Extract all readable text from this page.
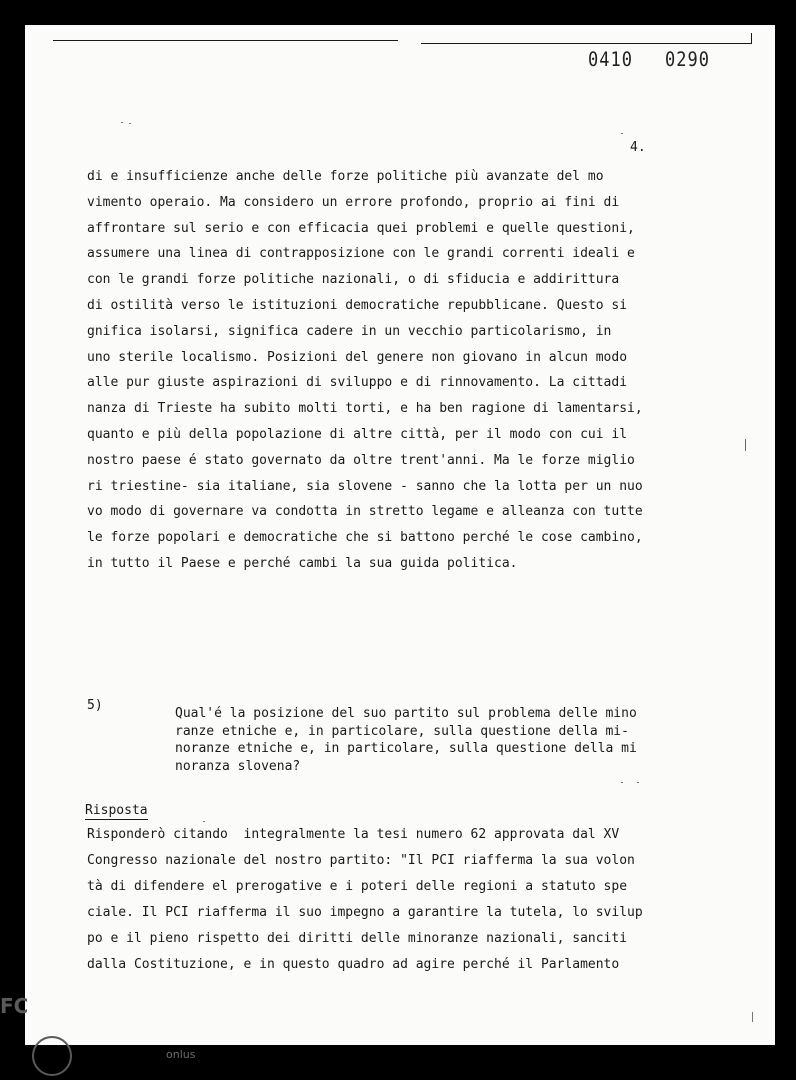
0410 0290
4.
di e insufficienze anche delle forze politiche più avanzate del mo
vimento operaio. Ma considero un errore profondo, proprio ai fini di
affrontare sul serio e con efficacia quei problemi e quelle questioni,
assumere una linea di contrapposizione con le grandi correnti ideali e
con le grandi forze politiche nazionali, o di sfiducia e addirittura
di ostilità verso le istituzioni democratiche repubblicane. Questo si
gnifica isolarsi, significa cadere in un vecchio particolarismo, in
uno sterile localismo. Posizioni del genere non giovano in alcun modo
alle pur giuste aspirazioni di sviluppo e di rinnovamento. La cittadi
nanza di Trieste ha subito molti torti, e ha ben ragione di lamentarsi,
quanto e più della popolazione di altre città, per il modo con cui il
nostro paese é stato governato da oltre trent'anni. Ma le forze miglio
ri triestine- sia italiane, sia slovene - sanno che la lotta per un nuo
vo modo di governare va condotta in stretto legame e alleanza con tutte
le forze popolari e democratiche che si battono perché le cose cambino,
in tutto il Paese e perché cambi la sua guida politica.
5)
Qual'é la posizione del suo partito sul problema delle mino
ranze etniche e, in particolare, sulla questione della mi-
noranze etniche e, in particolare, sulla questione della mi
noranza slovena?
Risposta
Risponderò citando  integralmente la tesi numero 62 approvata dal XV
Congresso nazionale del nostro partito: "Il PCI riafferma la sua volon
tà di difendere el prerogative e i poteri delle regioni a statuto spe
ciale. Il PCI riafferma il suo impegno a garantire la tutela, lo svilup
po e il pieno rispetto dei diritti delle minoranze nazionali, sanciti
dalla Costituzione, e in questo quadro ad agire perché il Parlamento
FC
onlus
